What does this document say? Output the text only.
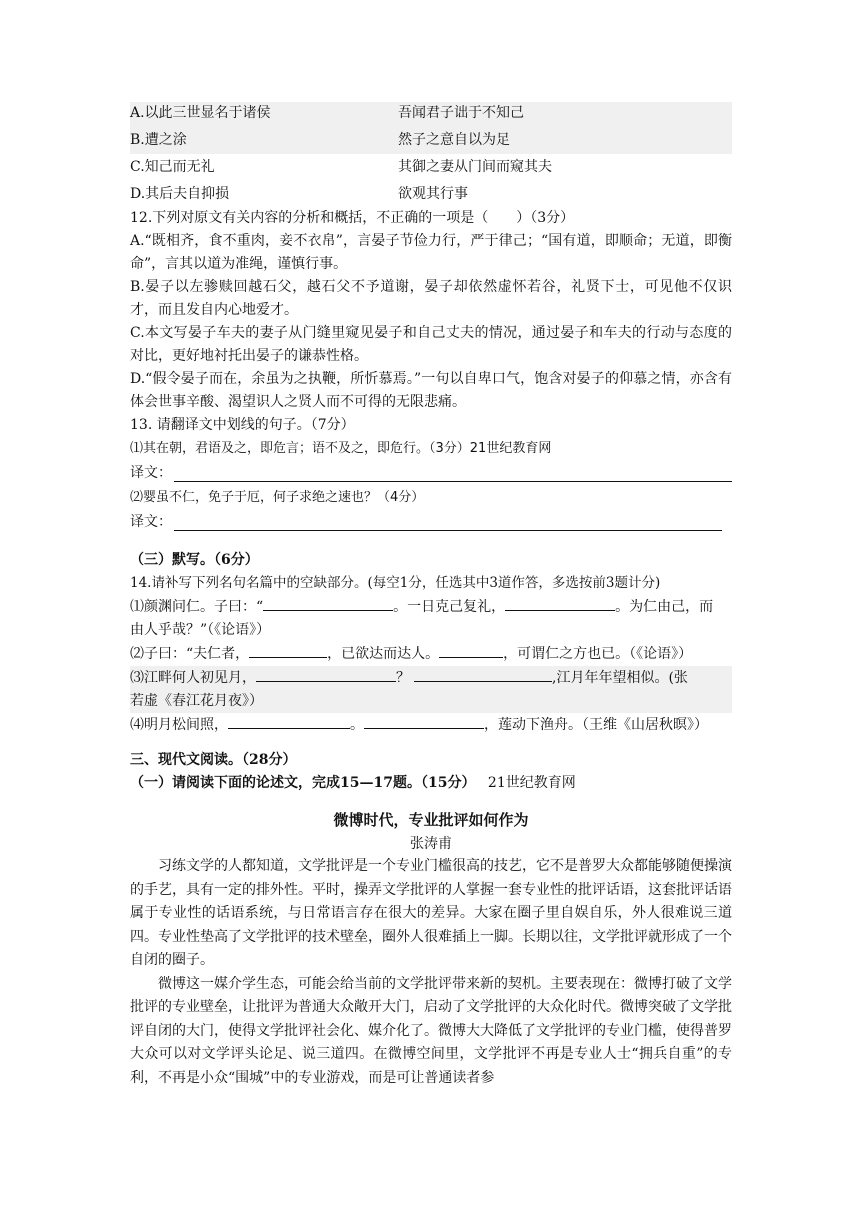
A.以此三世显名于诸侯	吾闻君子诎于不知己
B.遭之涂	然子之意自以为足
C.知己而无礼	其御之妻从门间而窥其夫
D.其后夫自抑损	欲观其行事
12.下列对原文有关内容的分析和概括，不正确的一项是（　　）（3分）
A.“既相齐，食不重肉，妾不衣帛”，言晏子节俭力行，严于律己；“国有道，即顺命；无道，即衡命”，言其以道为准绳，谨慎行事。
B.晏子以左骖赎回越石父，越石父不予道谢，晏子却依然虚怀若谷，礼贤下士，可见他不仅识才，而且发自内心地爱才。
C.本文写晏子车夫的妻子从门缝里窥见晏子和自己丈夫的情况，通过晏子和车夫的行动与态度的对比，更好地衬托出晏子的谦恭性格。
D.“假令晏子而在，余虽为之执鞭，所忻慕焉。”一句以自卑口气，饱含对晏子的仰慕之情，亦含有体会世事辛酸、渴望识人之贤人而不可得的无限悲痛。
13. 请翻译文中划线的句子。（7分）
⑴其在朝，君语及之，即危言；语不及之，即危行。（3分）21世纪教育网
译文：
⑵婴虽不仁，免子于厄，何子求绝之速也？（4分）
译文：
（三）默写。（6分）
14.请补写下列名句名篇中的空缺部分。(每空1分，任选其中3道作答，多选按前3题计分)
⑴颜渊问仁。子曰：“	。一日克己复礼，	。为仁由己，而
由人乎哉？”（《论语》）
⑵子曰：“夫仁者，	，已欲达而达人。	，可谓仁之方也已。（《论语》）
⑶江畔何人初见月，	？	,江月年年望相似。(张
若虚《春江花月夜》）
⑷明月松间照，	。	，莲动下渔舟。（王维《山居秋暝》）
三、现代文阅读。（28分）
（一）请阅读下面的论述文，完成15—17题。（15分） 21世纪教育网
微博时代，专业批评如何作为
张涛甫
习练文学的人都知道，文学批评是一个专业门槛很高的技艺，它不是普罗大众都能够随便操演的手艺，具有一定的排外性。平时，操弄文学批评的人掌握一套专业性的批评话语，这套批评话语属于专业性的话语系统，与日常语言存在很大的差异。大家在圈子里自娱自乐，外人很难说三道四。专业性垫高了文学批评的技术壁垒，圈外人很难插上一脚。长期以往，文学批评就形成了一个自闭的圈子。
微博这一媒介学生态，可能会给当前的文学批评带来新的契机。主要表现在：微博打破了文学批评的专业壁垒，让批评为普通大众敞开大门，启动了文学批评的大众化时代。微博突破了文学批评自闭的大门，使得文学批评社会化、媒介化了。微博大大降低了文学批评的专业门槛，使得普罗大众可以对文学评头论足、说三道四。在微博空间里，文学批评不再是专业人士“拥兵自重”的专利，不再是小众“围城”中的专业游戏，而是可让普通读者参
